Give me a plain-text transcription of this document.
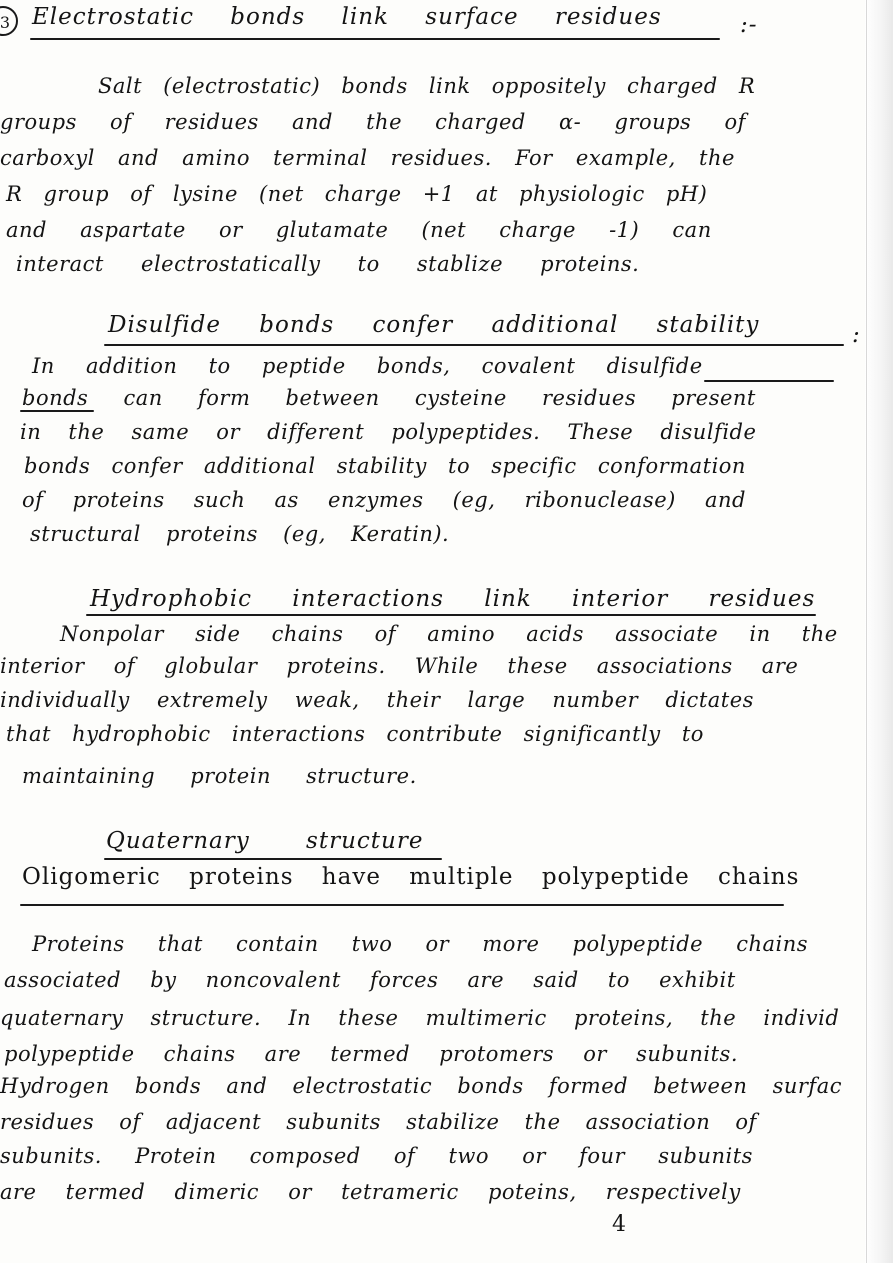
3 Electrostatic bonds link surface residues	:-
Salt (electrostatic) bonds link oppositely charged R
groups of residues and the charged α- groups of
carboxyl and amino terminal residues. For example, the
R group of lysine (net charge +1 at physiologic pH)
and aspartate or glutamate (net charge -1) can
interact electrostatically to stablize proteins.
Disulfide bonds confer additional stability	:
In addition to peptide bonds, covalent disulfide
bonds can form between cysteine residues present
in the same or different polypeptides. These disulfide
bonds confer additional stability to specific conformation
of proteins such as enzymes (eg, ribonuclease) and
structural proteins (eg, Keratin).
Hydrophobic interactions link interior residues
Nonpolar side chains of amino acids associate in the
interior of globular proteins. While these associations are
individually extremely weak, their large number dictates
that hydrophobic interactions contribute significantly to
maintaining protein structure.
Quaternary structure
Oligomeric proteins have multiple polypeptide chains
Proteins that contain two or more polypeptide chains
associated by noncovalent forces are said to exhibit
quaternary structure. In these multimeric proteins, the individ
polypeptide chains are termed protomers or subunits.
Hydrogen bonds and electrostatic bonds formed between surfac
residues of adjacent subunits stabilize the association of
subunits. Protein composed of two or four subunits
are termed dimeric or tetrameric poteins, respectively
4
